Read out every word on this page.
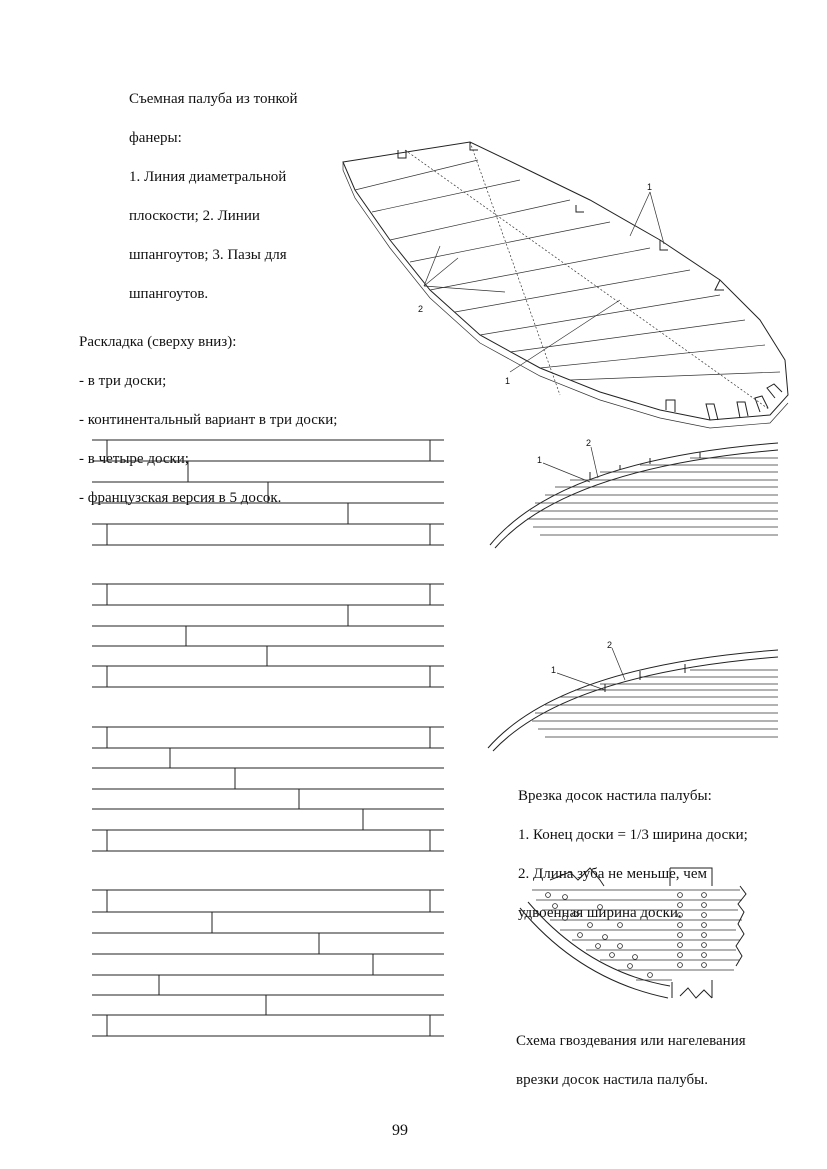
Съемная палуба из тонкой

фанеры:

1. Линия диаметральной

плоскости; 2. Линии

шпангоутов; 3. Пазы для

шпангоутов.

Раскладка (сверху вниз):

- в три доски;

- континентальный вариант в три доски;

- в четыре доски;

- французская версия в 5 досок.

Врезка досок настила палубы:

1. Конец доски = 1/3 ширина доски;

2. Длина зуба не меньше, чем

удвоенная ширина доски.

Схема гвоздевания или нагелевания

врезки досок настила палубы.

99
2
1
1
1
2
1
2
